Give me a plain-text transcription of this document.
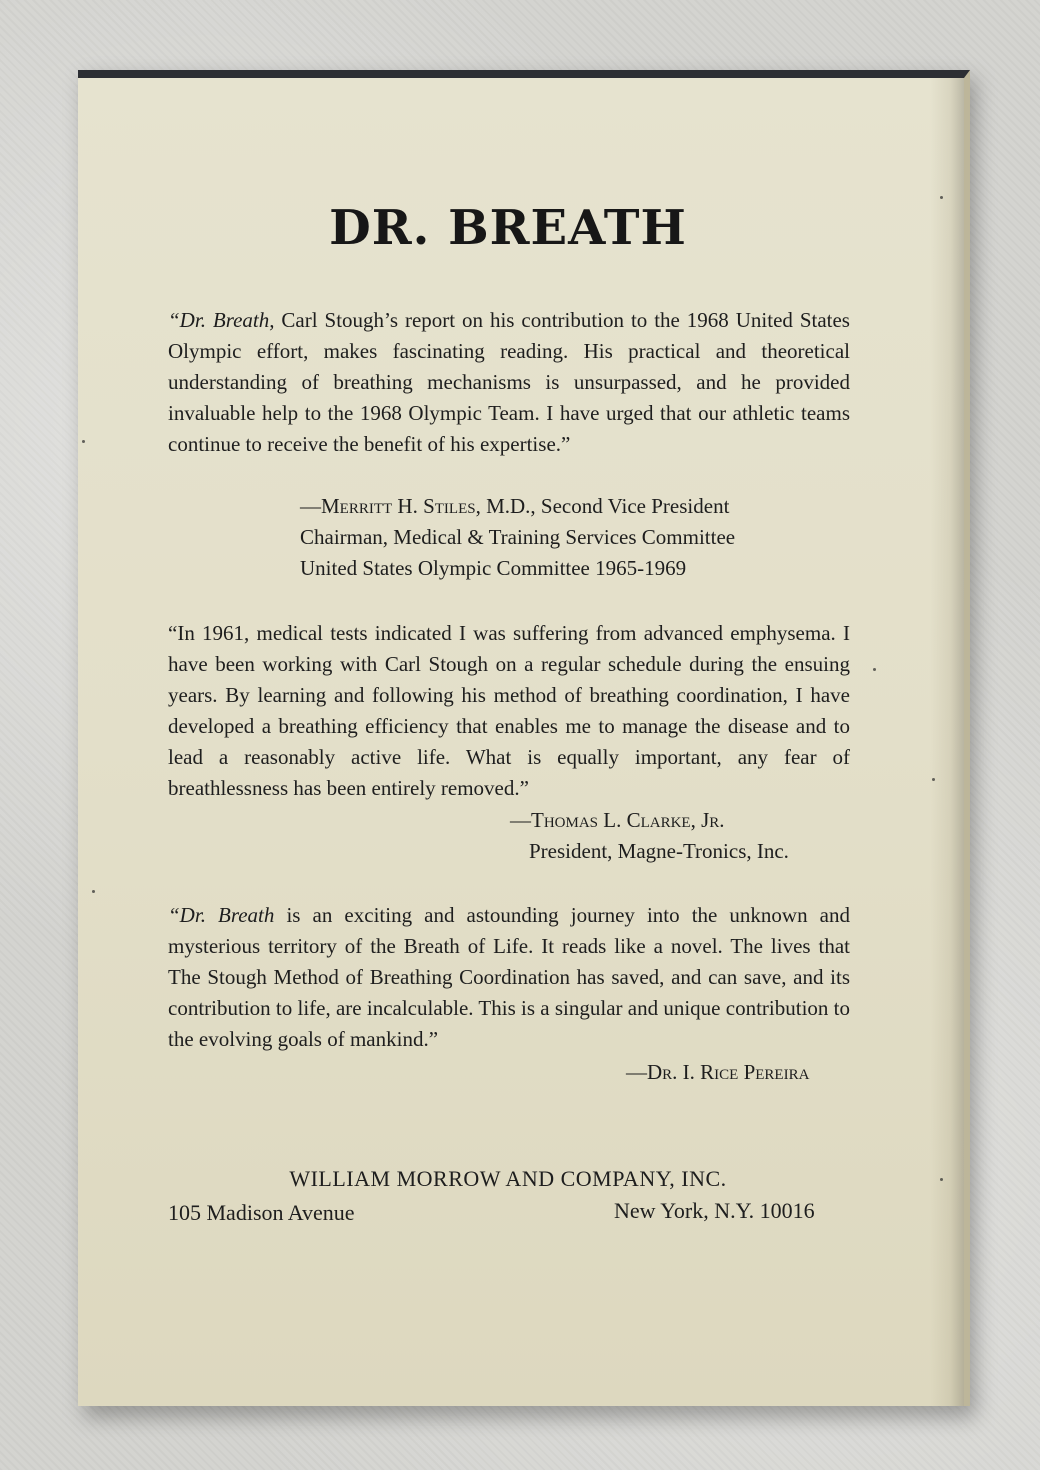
DR. BREATH

“Dr. Breath, Carl Stough’s report on his contribution to the 1968 United States Olympic effort, makes fascinating reading. His practical and theoretical understanding of breathing mechanisms is unsurpassed, and he provided invaluable help to the 1968 Olympic Team. I have urged that our athletic teams continue to receive the benefit of his expertise.”

—Merritt H. Stiles, M.D., Second Vice President
Chairman, Medical & Training Services Committee
United States Olympic Committee 1965-1969

“In 1961, medical tests indicated I was suffering from advanced emphysema. I have been working with Carl Stough on a regular schedule during the ensuing years. By learning and following his method of breathing coordination, I have developed a breathing efficiency that enables me to manage the disease and to lead a reasonably active life. What is equally important, any fear of breathlessness has been entirely removed.”

—Thomas L. Clarke, Jr.
President, Magne-Tronics, Inc.

“Dr. Breath is an exciting and astounding journey into the unknown and mysterious territory of the Breath of Life. It reads like a novel. The lives that The Stough Method of Breathing Coordination has saved, and can save, and its contribution to life, are incalculable. This is a singular and unique contribution to the evolving goals of mankind.”

—Dr. I. Rice Pereira
WILLIAM MORROW AND COMPANY, INC.
105 Madison Avenue	New York, N.Y. 10016
